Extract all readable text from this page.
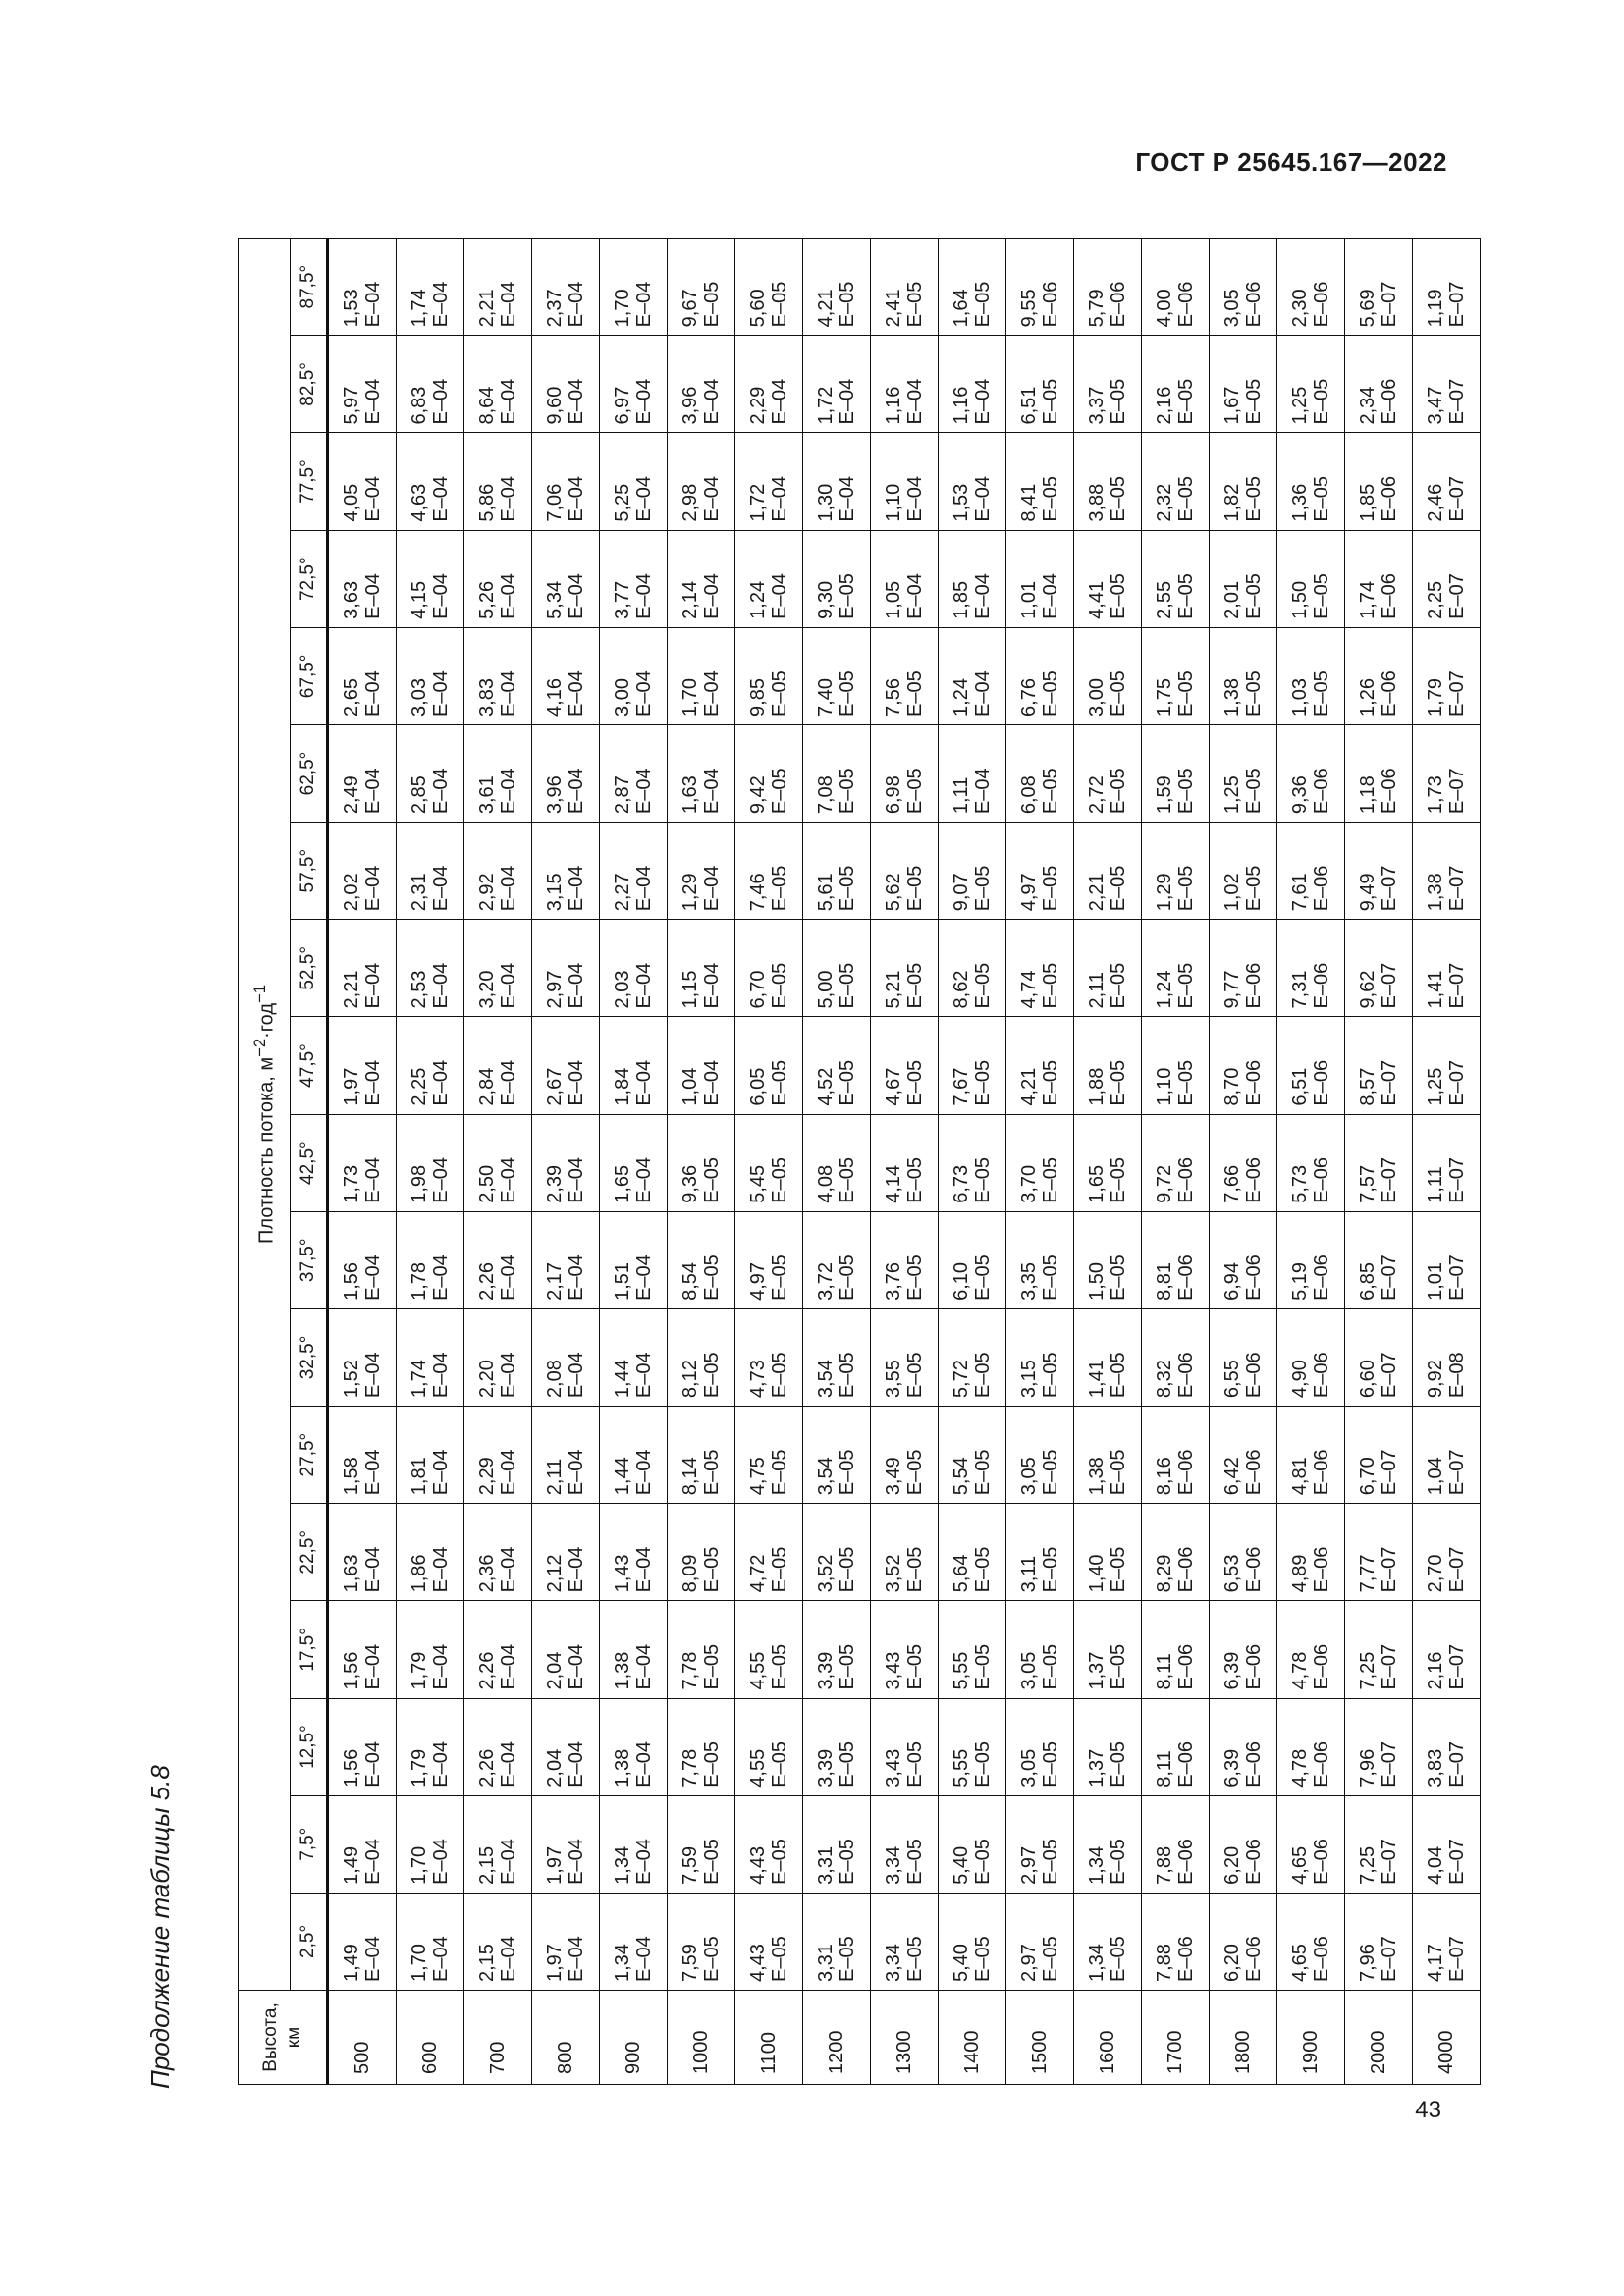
ГОСТ Р 25645.167—2022
Продолжение таблицы 5.8	Высота, км	Плотность потока, $м^{-2}\cdot год^{-1}$
	2,5°	7,5°	12,5°	17,5°	22,5°	27,5°	32,5°	37,5°	42,5°	47,5°	52,5°	57,5°	62,5°	67,5°	72,5°	77,5°	82,5°	87,5°
500	1,49 E–04	1,49 E–04	1,56 E–04	1,56 E–04	1,63 E–04	1,58 E–04	1,52 E–04	1,56 E–04	1,73 E–04	1,97 E–04	2,21 E–04	2,02 E–04	2,49 E–04	2,65 E–04	3,63 E–04	4,05 E–04	5,97 E–04	1,53 E–04

600	1,70 E–04	1,70 E–04	1,79 E–04	1,79 E–04	1,86 E–04	1,81 E–04	1,74 E–04	1,78 E–04	1,98 E–04	2,25 E–04	2,53 E–04	2,31 E–04	2,85 E–04	3,03 E–04	4,15 E–04	4,63 E–04	6,83 E–04	1,74 E–04

700	2,15 E–04	2,15 E–04	2,26 E–04	2,26 E–04	2,36 E–04	2,29 E–04	2,20 E–04	2,26 E–04	2,50 E–04	2,84 E–04	3,20 E–04	2,92 E–04	3,61 E–04	3,83 E–04	5,26 E–04	5,86 E–04	8,64 E–04	2,21 E–04

800	1,97 E–04	1,97 E–04	2,04 E–04	2,04 E–04	2,12 E–04	2,11 E–04	2,08 E–04	2,17 E–04	2,39 E–04	2,67 E–04	2,97 E–04	3,15 E–04	3,96 E–04	4,16 E–04	5,34 E–04	7,06 E–04	9,60 E–04	2,37 E–04

900	1,34 E–04	1,34 E–04	1,38 E–04	1,38 E–04	1,43 E–04	1,44 E–04	1,44 E–04	1,51 E–04	1,65 E–04	1,84 E–04	2,03 E–04	2,27 E–04	2,87 E–04	3,00 E–04	3,77 E–04	5,25 E–04	6,97 E–04	1,70 E–04

1000	7,59 E–05	7,59 E–05	7,78 E–05	7,78 E–05	8,09 E–05	8,14 E–05	8,12 E–05	8,54 E–05	9,36 E–05	1,04 E–04	1,15 E–04	1,29 E–04	1,63 E–04	1,70 E–04	2,14 E–04	2,98 E–04	3,96 E–04	9,67 E–05

1100	4,43 E–05	4,43 E–05	4,55 E–05	4,55 E–05	4,72 E–05	4,75 E–05	4,73 E–05	4,97 E–05	5,45 E–05	6,05 E–05	6,70 E–05	7,46 E–05	9,42 E–05	9,85 E–05	1,24 E–04	1,72 E–04	2,29 E–04	5,60 E–05

1200	3,31 E–05	3,31 E–05	3,39 E–05	3,39 E–05	3,52 E–05	3,54 E–05	3,54 E–05	3,72 E–05	4,08 E–05	4,52 E–05	5,00 E–05	5,61 E–05	7,08 E–05	7,40 E–05	9,30 E–05	1,30 E–04	1,72 E–04	4,21 E–05

1300	3,34 E–05	3,34 E–05	3,43 E–05	3,43 E–05	3,52 E–05	3,49 E–05	3,55 E–05	3,76 E–05	4,14 E–05	4,67 E–05	5,21 E–05	5,62 E–05	6,98 E–05	7,56 E–05	1,05 E–04	1,10 E–04	1,16 E–04	2,41 E–05

1400	5,40 E–05	5,40 E–05	5,55 E–05	5,55 E–05	5,64 E–05	5,54 E–05	5,72 E–05	6,10 E–05	6,73 E–05	7,67 E–05	8,62 E–05	9,07 E–05	1,11 E–04	1,24 E–04	1,85 E–04	1,53 E–04	1,16 E–04	1,64 E–05

1500	2,97 E–05	2,97 E–05	3,05 E–05	3,05 E–05	3,11 E–05	3,05 E–05	3,15 E–05	3,35 E–05	3,70 E–05	4,21 E–05	4,74 E–05	4,97 E–05	6,08 E–05	6,76 E–05	1,01 E–04	8,41 E–05	6,51 E–05	9,55 E–06

1600	1,34 E–05	1,34 E–05	1,37 E–05	1,37 E–05	1,40 E–05	1,38 E–05	1,41 E–05	1,50 E–05	1,65 E–05	1,88 E–05	2,11 E–05	2,21 E–05	2,72 E–05	3,00 E–05	4,41 E–05	3,88 E–05	3,37 E–05	5,79 E–06

1700	7,88 E–06	7,88 E–06	8,11 E–06	8,11 E–06	8,29 E–06	8,16 E–06	8,32 E–06	8,81 E–06	9,72 E–06	1,10 E–05	1,24 E–05	1,29 E–05	1,59 E–05	1,75 E–05	2,55 E–05	2,32 E–05	2,16 E–05	4,00 E–06

1800	6,20 E–06	6,20 E–06	6,39 E–06	6,39 E–06	6,53 E–06	6,42 E–06	6,55 E–06	6,94 E–06	7,66 E–06	8,70 E–06	9,77 E–06	1,02 E–05	1,25 E–05	1,38 E–05	2,01 E–05	1,82 E–05	1,67 E–05	3,05 E–06

1900	4,65 E–06	4,65 E–06	4,78 E–06	4,78 E–06	4,89 E–06	4,81 E–06	4,90 E–06	5,19 E–06	5,73 E–06	6,51 E–06	7,31 E–06	7,61 E–06	9,36 E–06	1,03 E–05	1,50 E–05	1,36 E–05	1,25 E–05	2,30 E–06

2000	7,96 E–07	7,25 E–07	7,96 E–07	7,25 E–07	7,77 E–07	6,70 E–07	6,60 E–07	6,85 E–07	7,57 E–07	8,57 E–07	9,62 E–07	9,49 E–07	1,18 E–06	1,26 E–06	1,74 E–06	1,85 E–06	2,34 E–06	5,69 E–07

4000	4,17 E–07	4,04 E–07	3,83 E–07	2,16 E–07	2,70 E–07	1,04 E–07	9,92 E–08	1,01 E–07	1,11 E–07	1,25 E–07	1,41 E–07	1,38 E–07	1,73 E–07	1,79 E–07	2,25 E–07	2,46 E–07	3,47 E–07	1,19 E–07
43
